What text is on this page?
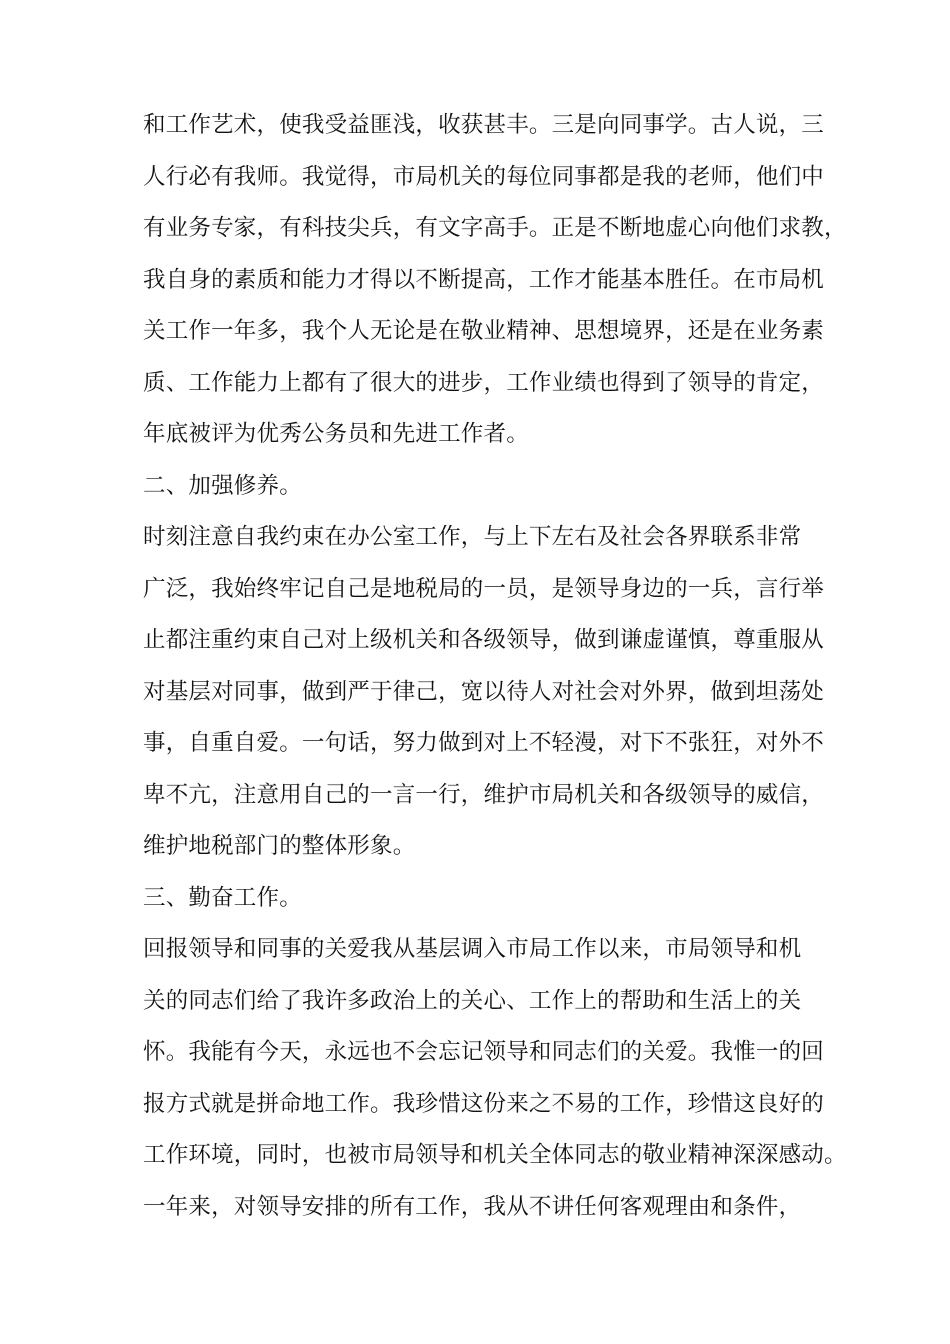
和工作艺术，使我受益匪浅，收获甚丰。三是向同事学。古人说，三
人行必有我师。我觉得，市局机关的每位同事都是我的老师，他们中
有业务专家，有科技尖兵，有文字高手。正是不断地虚心向他们求教，
我自身的素质和能力才得以不断提高，工作才能基本胜任。在市局机
关工作一年多，我个人无论是在敬业精神、思想境界，还是在业务素
质、工作能力上都有了很大的进步，工作业绩也得到了领导的肯定，
年底被评为优秀公务员和先进工作者。
二、加强修养。
时刻注意自我约束在办公室工作，与上下左右及社会各界联系非常
广泛，我始终牢记自己是地税局的一员，是领导身边的一兵，言行举
止都注重约束自己对上级机关和各级领导，做到谦虚谨慎，尊重服从
对基层对同事，做到严于律己，宽以待人对社会对外界，做到坦荡处
事，自重自爱。一句话，努力做到对上不轻漫，对下不张狂，对外不
卑不亢，注意用自己的一言一行，维护市局机关和各级领导的威信，
维护地税部门的整体形象。
三、勤奋工作。
回报领导和同事的关爱我从基层调入市局工作以来，市局领导和机
关的同志们给了我许多政治上的关心、工作上的帮助和生活上的关
怀。我能有今天，永远也不会忘记领导和同志们的关爱。我惟一的回
报方式就是拼命地工作。我珍惜这份来之不易的工作，珍惜这良好的
工作环境，同时，也被市局领导和机关全体同志的敬业精神深深感动。
一年来，对领导安排的所有工作，我从不讲任何客观理由和条件，
